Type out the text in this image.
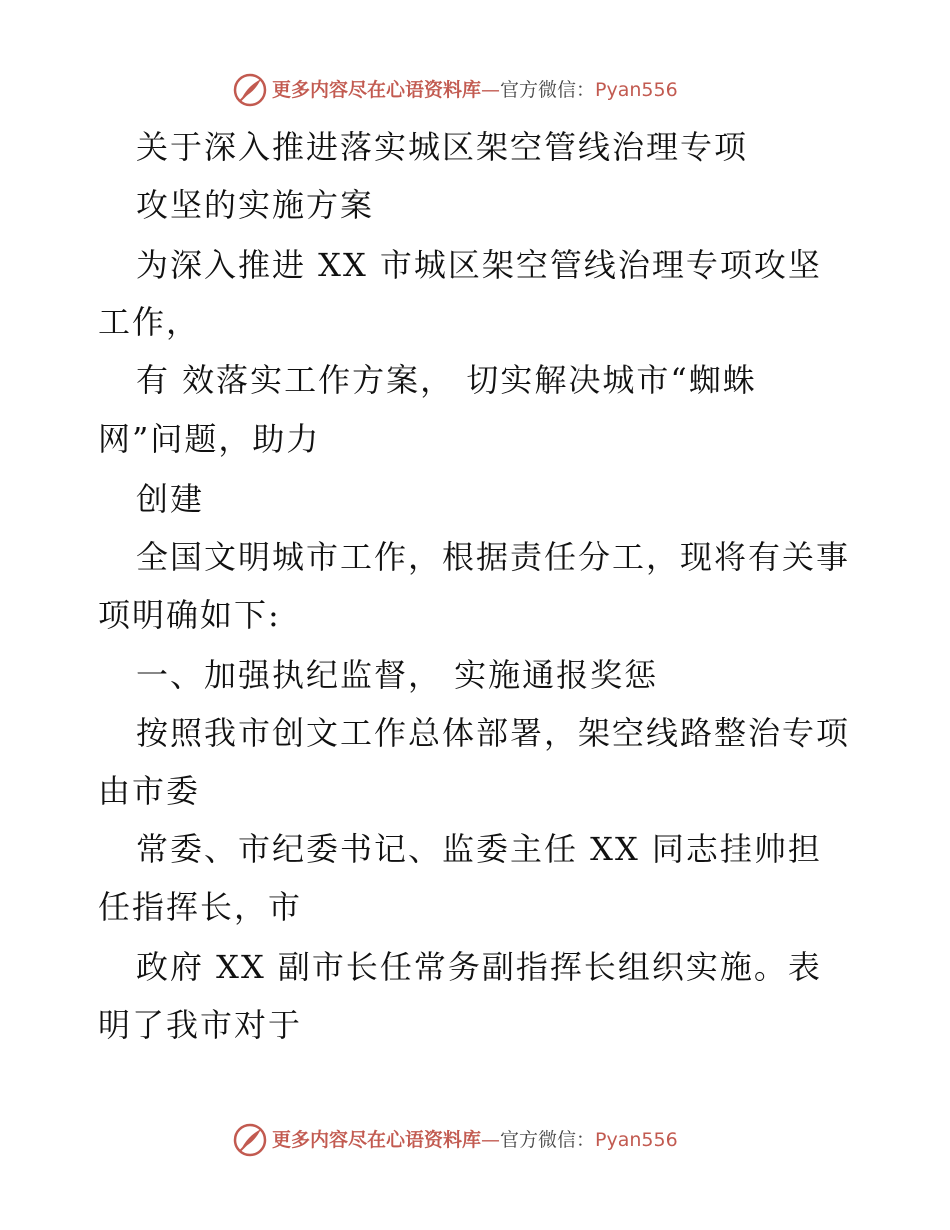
更多内容尽在心语资料库—官方微信：Pyan556
关于深入推进落实城区架空管线治理专项
攻坚的实施方案
为深入推进 XX 市城区架空管线治理专项攻坚
工作，
有 效落实工作方案， 切实解决城市“蜘蛛
网”问题，助力
创建
全国文明城市工作，根据责任分工，现将有关事
项明确如下:
一、加强执纪监督， 实施通报奖惩
按照我市创文工作总体部署，架空线路整治专项
由市委
常委、市纪委书记、监委主任 XX 同志挂帅担
任指挥长，市
政府 XX 副市长任常务副指挥长组织实施。表
明了我市对于
更多内容尽在心语资料库—官方微信：Pyan556
